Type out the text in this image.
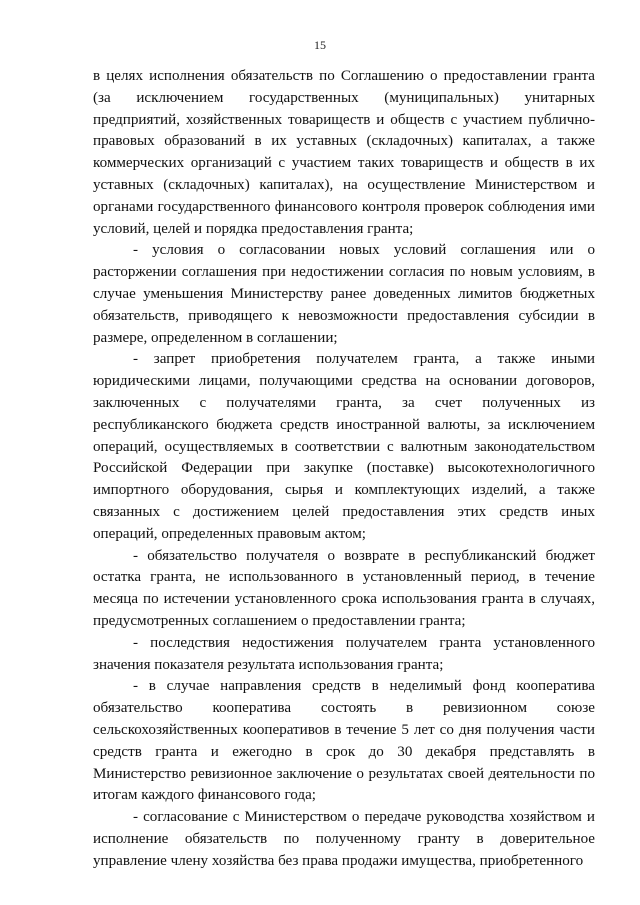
15

в целях исполнения обязательств по Соглашению о предоставлении гранта (за исключением государственных (муниципальных) унитарных предприятий, хозяйственных товариществ и обществ с участием публично-правовых образований в их уставных (складочных) капиталах, а также коммерческих организаций с участием таких товариществ и обществ в их уставных (складочных) капиталах), на осуществление Министерством и органами государственного финансового контроля проверок соблюдения ими условий, целей и порядка предоставления гранта;

- условия о согласовании новых условий соглашения или о расторжении соглашения при недостижении согласия по новым условиям, в случае уменьшения Министерству ранее доведенных лимитов бюджетных обязательств, приводящего к невозможности предоставления субсидии в размере, определенном в соглашении;

- запрет приобретения получателем гранта, а также иными юридическими лицами, получающими средства на основании договоров, заключенных с получателями гранта, за счет полученных из республиканского бюджета средств иностранной валюты, за исключением операций, осуществляемых в соответствии с валютным законодательством Российской Федерации при закупке (поставке) высокотехнологичного импортного оборудования, сырья и комплектующих изделий, а также связанных с достижением целей предоставления этих средств иных операций, определенных правовым актом;

- обязательство получателя о возврате в республиканский бюджет остатка гранта, не использованного в установленный период, в течение месяца по истечении установленного срока использования гранта в случаях, предусмотренных соглашением о предоставлении гранта;

- последствия недостижения получателем гранта установленного значения показателя результата использования гранта;

- в случае направления средств в неделимый фонд кооператива обязательство кооператива состоять в ревизионном союзе сельскохозяйственных кооперативов в течение 5 лет со дня получения части средств гранта и ежегодно в срок до 30 декабря представлять в Министерство ревизионное заключение о результатах своей деятельности по итогам каждого финансового года;

- согласование с Министерством о передаче руководства хозяйством и исполнение обязательств по полученному гранту в доверительное управление члену хозяйства без права продажи имущества, приобретенного
